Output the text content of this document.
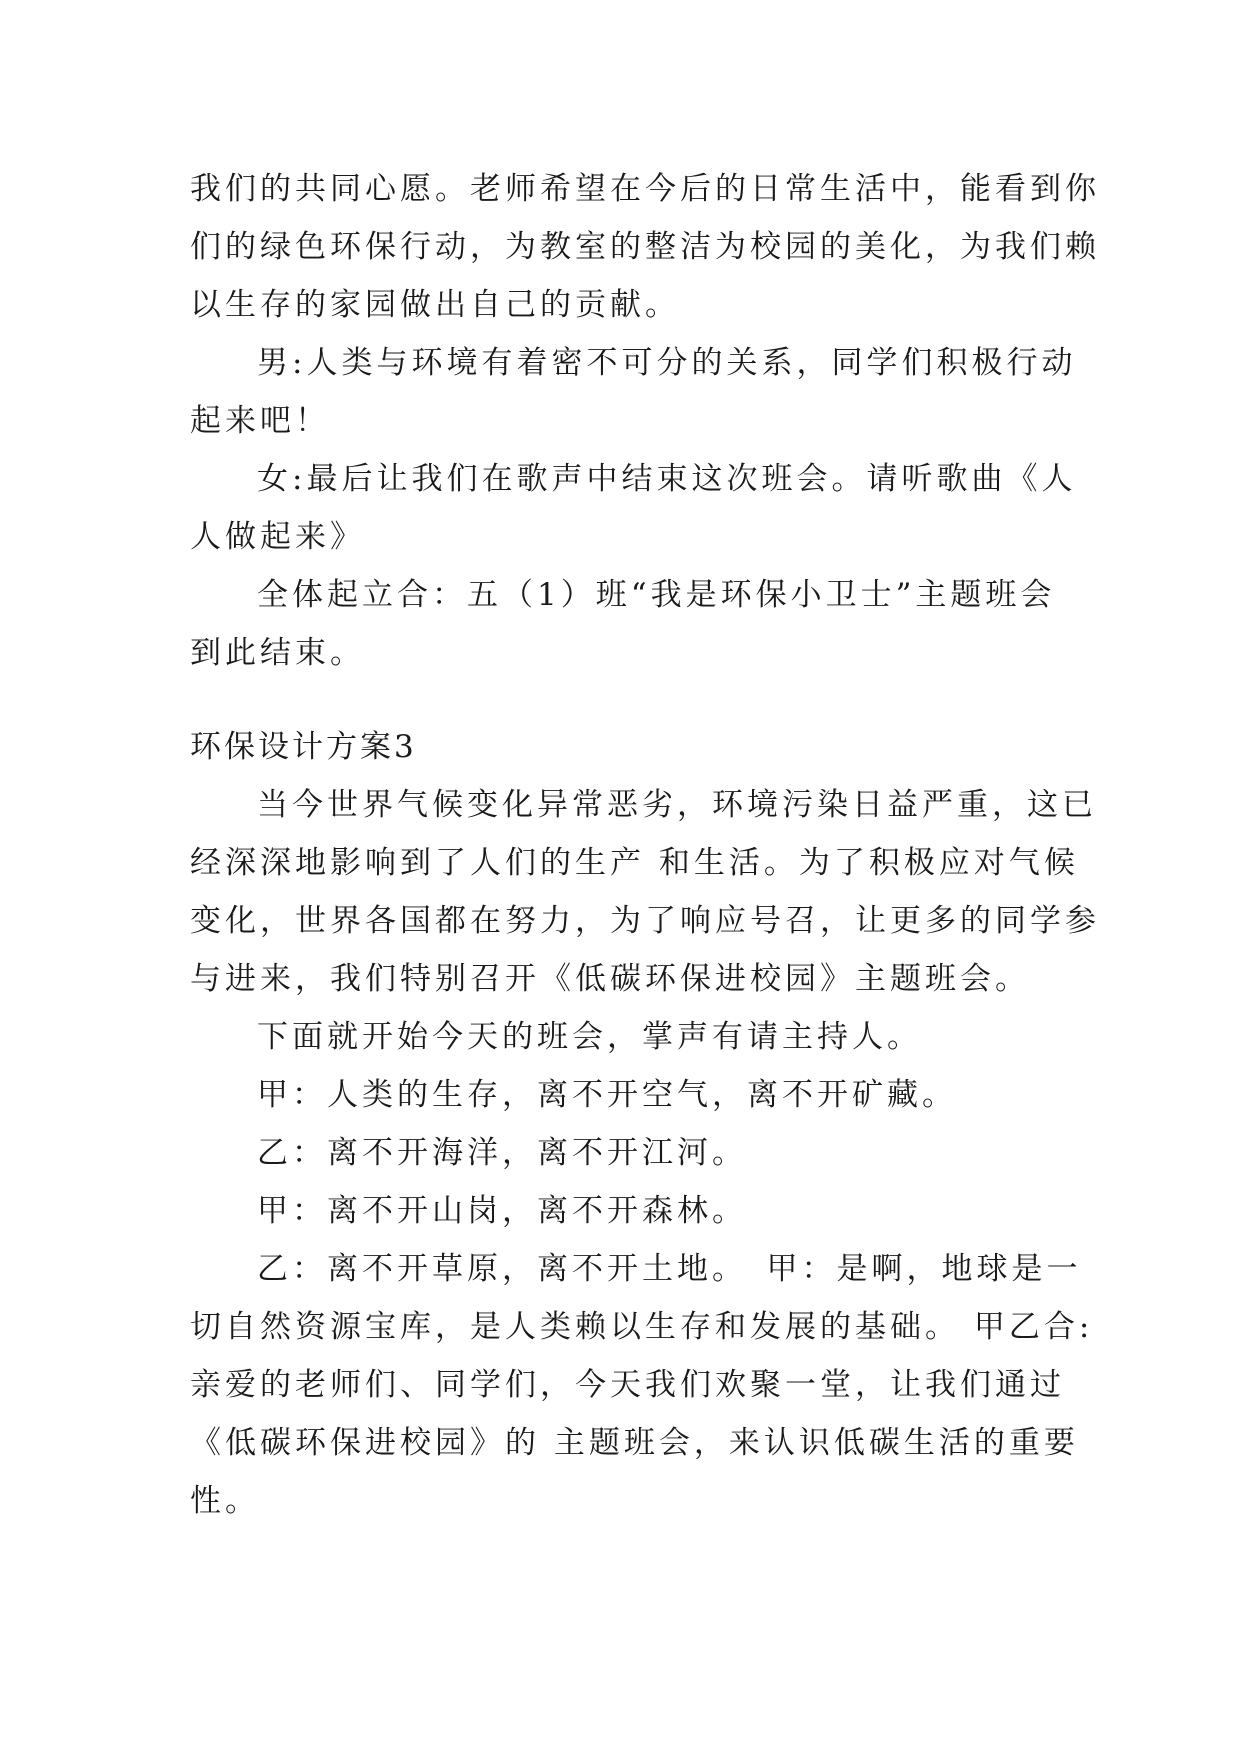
我们的共同心愿。老师希望在今后的日常生活中，能看到你
们的绿色环保行动，为教室的整洁为校园的美化，为我们赖
以生存的家园做出自己的贡献。
男:人类与环境有着密不可分的关系，同学们积极行动
起来吧！
女:最后让我们在歌声中结束这次班会。请听歌曲《人
人做起来》
全体起立合：五（1）班“我是环保小卫士”主题班会
到此结束。
环保设计方案3
当今世界气候变化异常恶劣，环境污染日益严重，这已
经深深地影响到了人们的生产 和生活。为了积极应对气候
变化，世界各国都在努力，为了响应号召，让更多的同学参
与进来，我们特别召开《低碳环保进校园》主题班会。
下面就开始今天的班会，掌声有请主持人。
甲：人类的生存，离不开空气，离不开矿藏。
乙：离不开海洋，离不开江河。
甲：离不开山岗，离不开森林。
乙：离不开草原，离不开土地。　甲：是啊，地球是一
切自然资源宝库，是人类赖以生存和发展的基础。 甲乙合:
亲爱的老师们、同学们，今天我们欢聚一堂，让我们通过
《低碳环保进校园》的 主题班会，来认识低碳生活的重要
性。
